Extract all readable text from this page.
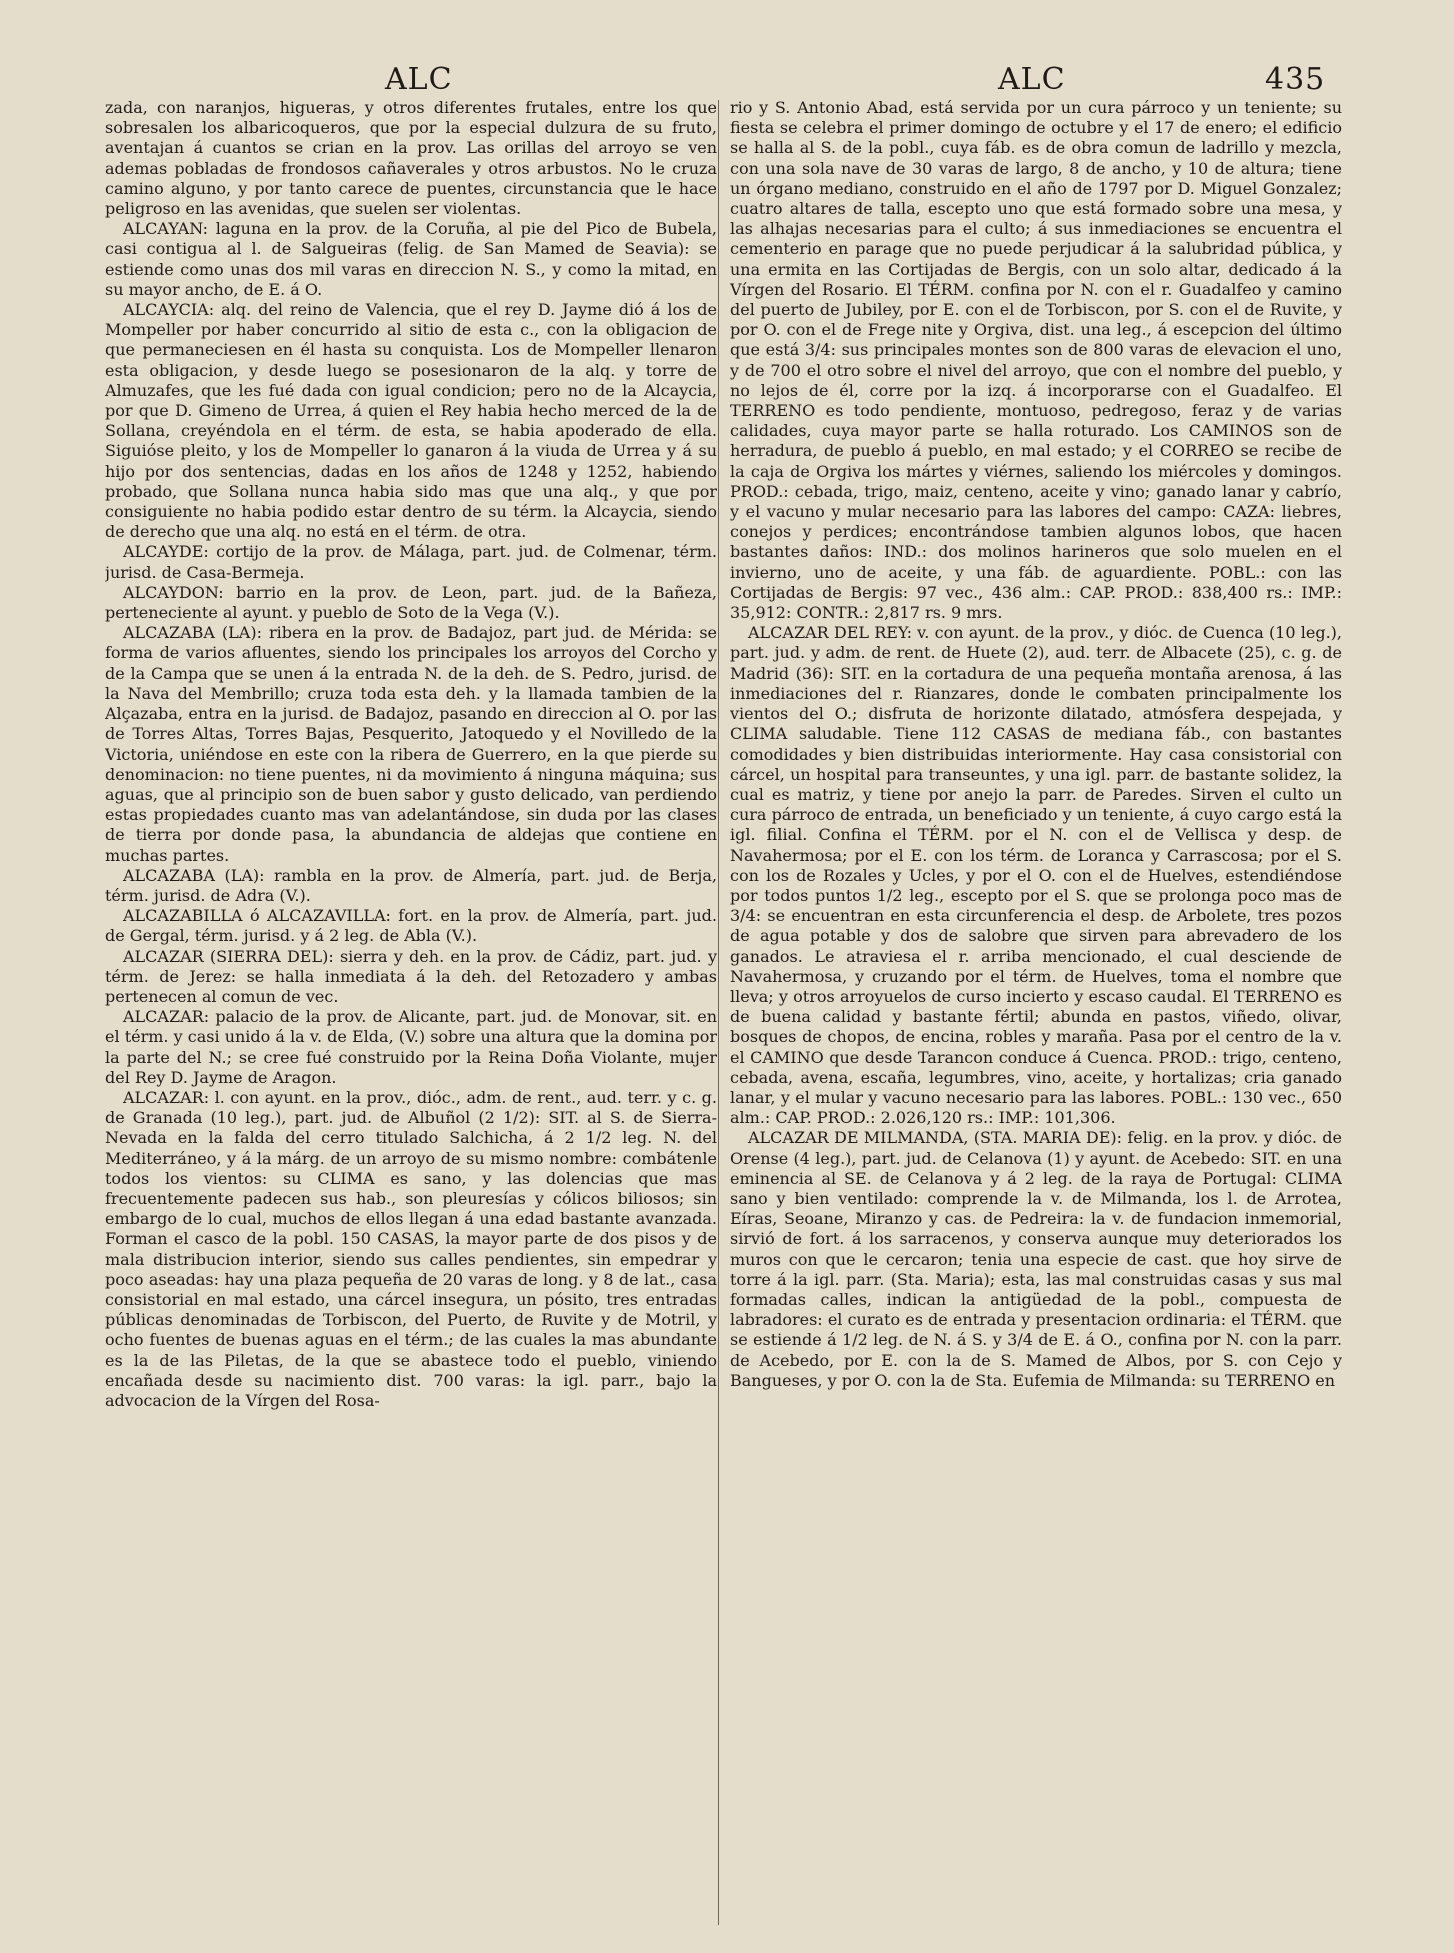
ALC	ALC	435

zada, con naranjos, higueras, y otros diferentes frutales, entre los que sobresalen los albaricoqueros, que por la especial dulzura de su fruto, aventajan á cuantos se crian en la prov. Las orillas del arroyo se ven ademas pobladas de frondosos cañaverales y otros arbustos. No le cruza camino alguno, y por tanto carece de puentes, circunstancia que le hace peligroso en las avenidas, que suelen ser violentas.

ALCAYAN: laguna en la prov. de la Coruña, al pie del Pico de Bubela, casi contigua al l. de Salgueiras (felig. de San Mamed de Seavia): se estiende como unas dos mil varas en direccion N. S., y como la mitad, en su mayor ancho, de E. á O.

ALCAYCIA: alq. del reino de Valencia, que el rey D. Jayme dió á los de Mompeller por haber concurrido al sitio de esta c., con la obligacion de que permaneciesen en él hasta su conquista. Los de Mompeller llenaron esta obligacion, y desde luego se posesionaron de la alq. y torre de Almuzafes, que les fué dada con igual condicion; pero no de la Alcaycia, por que D. Gimeno de Urrea, á quien el Rey habia hecho merced de la de Sollana, creyéndola en el térm. de esta, se habia apoderado de ella. Siguióse pleito, y los de Mompeller lo ganaron á la viuda de Urrea y á su hijo por dos sentencias, dadas en los años de 1248 y 1252, habiendo probado, que Sollana nunca habia sido mas que una alq., y que por consiguiente no habia podido estar dentro de su térm. la Alcaycia, siendo de derecho que una alq. no está en el térm. de otra.

ALCAYDE: cortijo de la prov. de Málaga, part. jud. de Colmenar, térm. jurisd. de Casa-Bermeja.

ALCAYDON: barrio en la prov. de Leon, part. jud. de la Bañeza, perteneciente al ayunt. y pueblo de Soto de la Vega (V.).

ALCAZABA (LA): ribera en la prov. de Badajoz, part jud. de Mérida: se forma de varios afluentes, siendo los principales los arroyos del Corcho y de la Campa que se unen á la entrada N. de la deh. de S. Pedro, jurisd. de la Nava del Membrillo; cruza toda esta deh. y la llamada tambien de la Alçazaba, entra en la jurisd. de Badajoz, pasando en direccion al O. por las de Torres Altas, Torres Bajas, Pesquerito, Jatoquedo y el Novilledo de la Victoria, uniéndose en este con la ribera de Guerrero, en la que pierde su denominacion: no tiene puentes, ni da movimiento á ninguna máquina; sus aguas, que al principio son de buen sabor y gusto delicado, van perdiendo estas propiedades cuanto mas van adelantándose, sin duda por las clases de tierra por donde pasa, la abundancia de aldejas que contiene en muchas partes.

ALCAZABA (LA): rambla en la prov. de Almería, part. jud. de Berja, térm. jurisd. de Adra (V.).

ALCAZABILLA ó ALCAZAVILLA: fort. en la prov. de Almería, part. jud. de Gergal, térm. jurisd. y á 2 leg. de Abla (V.).

ALCAZAR (SIERRA DEL): sierra y deh. en la prov. de Cádiz, part. jud. y térm. de Jerez: se halla inmediata á la deh. del Retozadero y ambas pertenecen al comun de vec.

ALCAZAR: palacio de la prov. de Alicante, part. jud. de Monovar, sit. en el térm. y casi unido á la v. de Elda, (V.) sobre una altura que la domina por la parte del N.; se cree fué construido por la Reina Doña Violante, mujer del Rey D. Jayme de Aragon.

ALCAZAR: l. con ayunt. en la prov., dióc., adm. de rent., aud. terr. y c. g. de Granada (10 leg.), part. jud. de Albuñol (2 1/2): SIT. al S. de Sierra-Nevada en la falda del cerro titulado Salchicha, á 2 1/2 leg. N. del Mediterráneo, y á la márg. de un arroyo de su mismo nombre: combátenle todos los vientos: su CLIMA es sano, y las dolencias que mas frecuentemente padecen sus hab., son pleuresías y cólicos biliosos; sin embargo de lo cual, muchos de ellos llegan á una edad bastante avanzada. Forman el casco de la pobl. 150 CASAS, la mayor parte de dos pisos y de mala distribucion interior, siendo sus calles pendientes, sin empedrar y poco aseadas: hay una plaza pequeña de 20 varas de long. y 8 de lat., casa consistorial en mal estado, una cárcel insegura, un pósito, tres entradas públicas denominadas de Torbiscon, del Puerto, de Ruvite y de Motril, y ocho fuentes de buenas aguas en el térm.; de las cuales la mas abundante es la de las Piletas, de la que se abastece todo el pueblo, viniendo encañada desde su nacimiento dist. 700 varas: la igl. parr., bajo la advocacion de la Vírgen del Rosa-

rio y S. Antonio Abad, está servida por un cura párroco y un teniente; su fiesta se celebra el primer domingo de octubre y el 17 de enero; el edificio se halla al S. de la pobl., cuya fáb. es de obra comun de ladrillo y mezcla, con una sola nave de 30 varas de largo, 8 de ancho, y 10 de altura; tiene un órgano mediano, construido en el año de 1797 por D. Miguel Gonzalez; cuatro altares de talla, escepto uno que está formado sobre una mesa, y las alhajas necesarias para el culto; á sus inmediaciones se encuentra el cementerio en parage que no puede perjudicar á la salubridad pública, y una ermita en las Cortijadas de Bergis, con un solo altar, dedicado á la Vírgen del Rosario. El TÉRM. confina por N. con el r. Guadalfeo y camino del puerto de Jubiley, por E. con el de Torbiscon, por S. con el de Ruvite, y por O. con el de Frege nite y Orgiva, dist. una leg., á escepcion del último que está 3/4: sus principales montes son de 800 varas de elevacion el uno, y de 700 el otro sobre el nivel del arroyo, que con el nombre del pueblo, y no lejos de él, corre por la izq. á incorporarse con el Guadalfeo. El TERRENO es todo pendiente, montuoso, pedregoso, feraz y de varias calidades, cuya mayor parte se halla roturado. Los CAMINOS son de herradura, de pueblo á pueblo, en mal estado; y el CORREO se recibe de la caja de Orgiva los mártes y viérnes, saliendo los miércoles y domingos. PROD.: cebada, trigo, maiz, centeno, aceite y vino; ganado lanar y cabrío, y el vacuno y mular necesario para las labores del campo: CAZA: liebres, conejos y perdices; encontrándose tambien algunos lobos, que hacen bastantes daños: IND.: dos molinos harineros que solo muelen en el invierno, uno de aceite, y una fáb. de aguardiente. POBL.: con las Cortijadas de Bergis: 97 vec., 436 alm.: CAP. PROD.: 838,400 rs.: IMP.: 35,912: CONTR.: 2,817 rs. 9 mrs.

ALCAZAR DEL REY: v. con ayunt. de la prov., y dióc. de Cuenca (10 leg.), part. jud. y adm. de rent. de Huete (2), aud. terr. de Albacete (25), c. g. de Madrid (36): SIT. en la cortadura de una pequeña montaña arenosa, á las inmediaciones del r. Rianzares, donde le combaten principalmente los vientos del O.; disfruta de horizonte dilatado, atmósfera despejada, y CLIMA saludable. Tiene 112 CASAS de mediana fáb., con bastantes comodidades y bien distribuidas interiormente. Hay casa consistorial con cárcel, un hospital para transeuntes, y una igl. parr. de bastante solidez, la cual es matriz, y tiene por anejo la parr. de Paredes. Sirven el culto un cura párroco de entrada, un beneficiado y un teniente, á cuyo cargo está la igl. filial. Confina el TÉRM. por el N. con el de Vellisca y desp. de Navahermosa; por el E. con los térm. de Loranca y Carrascosa; por el S. con los de Rozales y Ucles, y por el O. con el de Huelves, estendiéndose por todos puntos 1/2 leg., escepto por el S. que se prolonga poco mas de 3/4: se encuentran en esta circunferencia el desp. de Arbolete, tres pozos de agua potable y dos de salobre que sirven para abrevadero de los ganados. Le atraviesa el r. arriba mencionado, el cual desciende de Navahermosa, y cruzando por el térm. de Huelves, toma el nombre que lleva; y otros arroyuelos de curso incierto y escaso caudal. El TERRENO es de buena calidad y bastante fértil; abunda en pastos, viñedo, olivar, bosques de chopos, de encina, robles y maraña. Pasa por el centro de la v. el CAMINO que desde Tarancon conduce á Cuenca. PROD.: trigo, centeno, cebada, avena, escaña, legumbres, vino, aceite, y hortalizas; cria ganado lanar, y el mular y vacuno necesario para las labores. POBL.: 130 vec., 650 alm.: CAP. PROD.: 2.026,120 rs.: IMP.: 101,306.

ALCAZAR DE MILMANDA, (STA. MARIA DE): felig. en la prov. y dióc. de Orense (4 leg.), part. jud. de Celanova (1) y ayunt. de Acebedo: SIT. en una eminencia al SE. de Celanova y á 2 leg. de la raya de Portugal: CLIMA sano y bien ventilado: comprende la v. de Milmanda, los l. de Arrotea, Eíras, Seoane, Miranzo y cas. de Pedreira: la v. de fundacion inmemorial, sirvió de fort. á los sarracenos, y conserva aunque muy deteriorados los muros con que le cercaron; tenia una especie de cast. que hoy sirve de torre á la igl. parr. (Sta. Maria); esta, las mal construidas casas y sus mal formadas calles, indican la antigüedad de la pobl., compuesta de labradores: el curato es de entrada y presentacion ordinaria: el TÉRM. que se estiende á 1/2 leg. de N. á S. y 3/4 de E. á O., confina por N. con la parr. de Acebedo, por E. con la de S. Mamed de Albos, por S. con Cejo y Bangueses, y por O. con la de Sta. Eufemia de Milmanda: su TERRENO en
